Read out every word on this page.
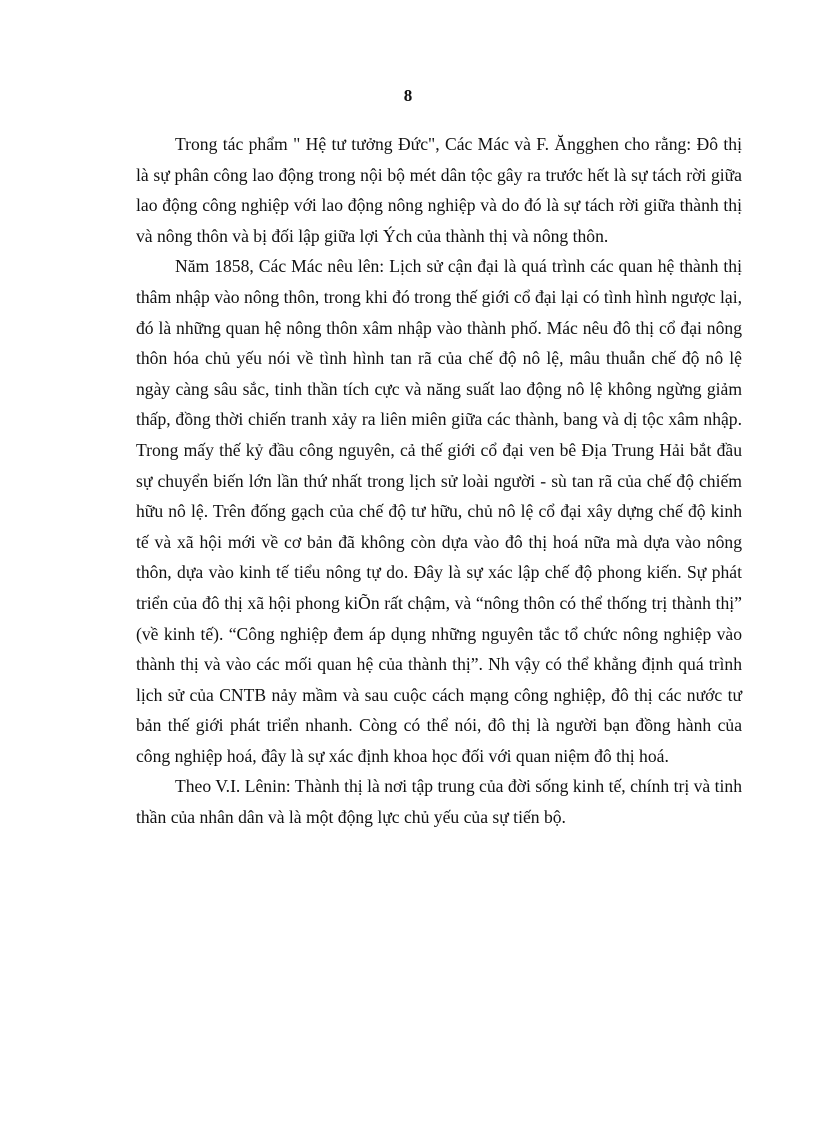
8

Trong tác phẩm " Hệ tư tưởng Đức", Các Mác và F. Ăngghen cho rằng: Đô thị là sự phân công lao động trong nội bộ mét dân tộc gây ra trước hết là sự tách rời giữa lao động công nghiệp với lao động nông nghiệp và do đó là sự tách rời giữa thành thị và nông thôn và bị đối lập giữa lợi Ých của thành thị và nông thôn.

Năm 1858, Các Mác nêu lên: Lịch sử cận đại là quá trình các quan hệ thành thị thâm nhập vào nông thôn, trong khi đó trong thế giới cổ đại lại có tình hình ngược lại, đó là những quan hệ nông thôn xâm nhập vào thành phố. Mác nêu đô thị cổ đại nông thôn hóa chủ yếu nói về tình hình tan rã của chế độ nô lệ, mâu thuẫn chế độ nô lệ ngày càng sâu sắc, tinh thần tích cực và năng suất lao động nô lệ không ngừng giảm thấp, đồng thời chiến tranh xảy ra liên miên giữa các thành, bang và dị tộc xâm nhập. Trong mấy thế kỷ đầu công nguyên, cả thế giới cổ đại ven bê Địa Trung Hải bắt đầu sự chuyển biến lớn lần thứ nhất trong lịch sử loài người - sù tan rã của chế độ chiếm hữu nô lệ. Trên đống gạch của chế độ tư hữu, chủ nô lệ cổ đại xây dựng chế độ kinh tế và xã hội mới về cơ bản đã không còn dựa vào đô thị hoá nữa mà dựa vào nông thôn, dựa vào kinh tế tiểu nông tự do. Đây là sự xác lập chế độ phong kiến. Sự phát triển của đô thị xã hội phong kiÕn rất chậm, và “nông thôn có thể thống trị thành thị” (về kinh tế). “Công nghiệp đem áp dụng những nguyên tắc tổ chức nông nghiệp vào thành thị và vào các mối quan hệ của thành thị”. Nh vậy có thể khẳng định quá trình lịch sử của CNTB nảy mầm và sau cuộc cách mạng công nghiệp, đô thị các nước tư bản thế giới phát triển nhanh. Còng có thể nói, đô thị là người bạn đồng hành của công nghiệp hoá, đây là sự xác định khoa học đối với quan niệm đô thị hoá.

Theo V.I. Lênin: Thành thị là nơi tập trung của đời sống kinh tế, chính trị và tinh thần của nhân dân và là một động lực chủ yếu của sự tiến bộ.
